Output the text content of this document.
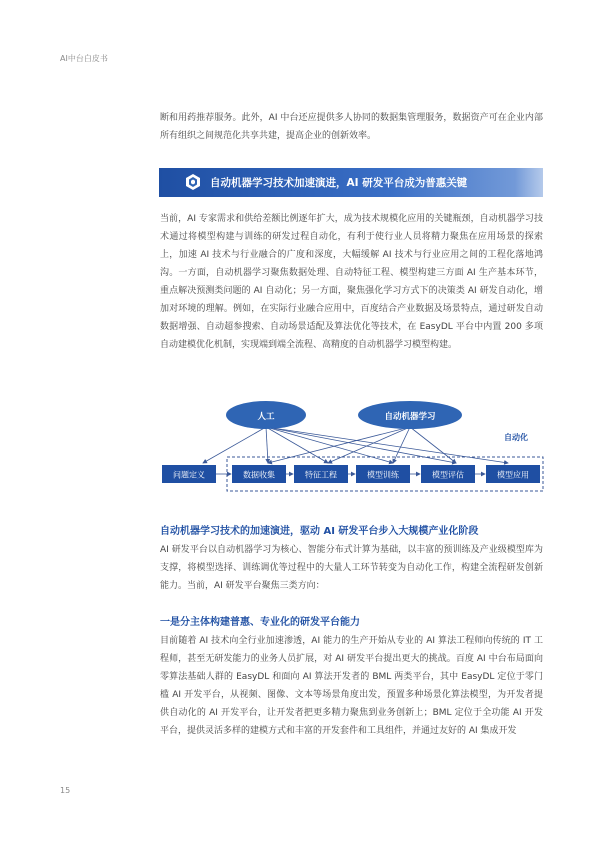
AI中台白皮书

断和用药推荐服务。此外，AI 中台还应提供多人协同的数据集管理服务，数据资产可在企业内部所有组织之间规范化共享共建，提高企业的创新效率。

自动机器学习技术加速演进，AI 研发平台成为普惠关键

当前，AI 专家需求和供给差额比例逐年扩大，成为技术规模化应用的关键瓶颈，自动机器学习技术通过将模型构建与训练的研发过程自动化，有利于使行业人员将精力聚焦在应用场景的探索上，加速 AI 技术与行业融合的广度和深度，大幅缓解 AI 技术与行业应用之间的工程化落地鸿沟。一方面，自动机器学习聚焦数据处理、自动特征工程、模型构建三方面 AI 生产基本环节，重点解决预测类问题的 AI 自动化；另一方面，聚焦强化学习方式下的决策类 AI 研发自动化，增加对环境的理解。例如，在实际行业融合应用中，百度结合产业数据及场景特点，通过研发自动数据增强、自动超参搜索、自动场景适配及算法优化等技术，在 EasyDL 平台中内置 200 多项自动建模优化机制，实现端到端全流程、高精度的自动机器学习模型构建。

人工	自动机器学习
自动化
问题定义	数据收集	特征工程	模型训练	模型评估	模型应用
自动机器学习技术的加速演进，驱动 AI 研发平台步入大规模产业化阶段

AI 研发平台以自动机器学习为核心、智能分布式计算为基础，以丰富的预训练及产业级模型库为支撑，将模型选择、训练调优等过程中的大量人工环节转变为自动化工作，构建全流程研发创新能力。当前，AI 研发平台聚焦三类方向：

一是分主体构建普惠、专业化的研发平台能力

目前随着 AI 技术向全行业加速渗透，AI 能力的生产开始从专业的 AI 算法工程师向传统的 IT 工程师，甚至无研发能力的业务人员扩展，对 AI 研发平台提出更大的挑战。百度 AI 中台布局面向零算法基础人群的 EasyDL 和面向 AI 算法开发者的 BML 两类平台，其中 EasyDL 定位于零门槛 AI 开发平台，从视频、图像、文本等场景角度出发，预置多种场景化算法模型，为开发者提供自动化的 AI 开发平台，让开发者把更多精力聚焦到业务创新上；BML 定位于全功能 AI 开发平台，提供灵活多样的建模方式和丰富的开发套件和工具组件，并通过友好的 AI 集成开发

15
